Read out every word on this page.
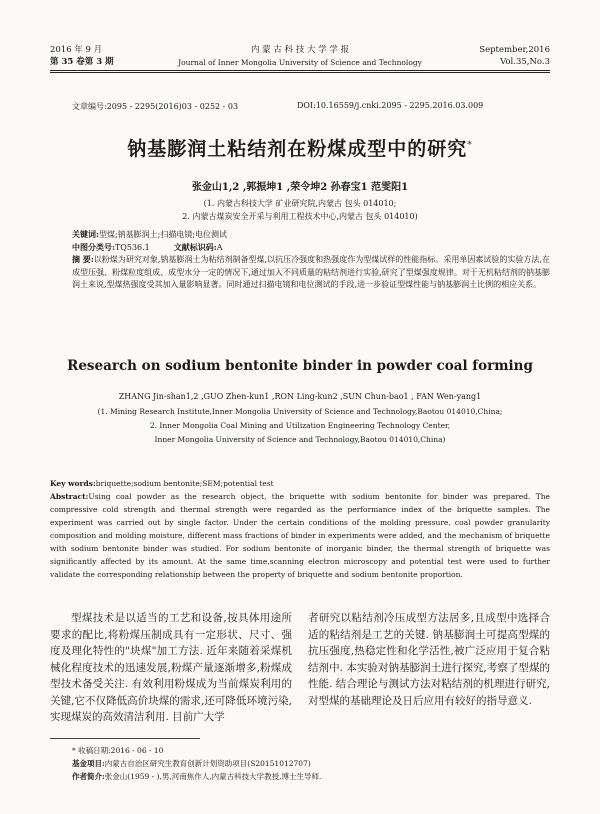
2016 年 9 月
第 35 卷第 3 期
内 蒙 古 科 技 大 学 学 报
Journal of Inner Mongolia University of Science and Technology
September,2016
Vol.35,No.3
文章编号:2095 - 2295(2016)03 - 0252 - 03	DOI:10.16559/j.cnki.2095 - 2295.2016.03.009
钠基膨润土粘结剂在粉煤成型中的研究*
张金山1,2 ,郭振坤1 ,荣令坤2 孙春宝1 范雯阳1
(1. 内蒙古科技大学 矿业研究院,内蒙古 包头 014010;
2. 内蒙古煤炭安全开采与利用工程技术中心,内蒙古 包头 014010)
关键词:型煤;钠基膨润土;扫描电镜;电位测试
中图分类号:TQ536.1	文献标识码:A
摘 要:以粉煤为研究对象,钠基膨润土为粘结剂制备型煤,以抗压冷强度和热强度作为型煤试样的性能指标。采用单因素试验的实验方法,在成型压强、粉煤粒度组成、成型水分一定的情况下,通过加入不同质量的粘结剂进行实验,研究了型煤强度规律。对于无机粘结剂的钠基膨润土来说,型煤热强度受其加入量影响显著。同时通过扫描电镜和电位测试的手段,进一步验证型煤性能与钠基膨润土比例的相应关系。
Research on sodium bentonite binder in powder coal forming
ZHANG Jin-shan1,2 ,GUO Zhen-kun1 ,RON Ling-kun2 ,SUN Chun-bao1 , FAN Wen-yang1
(1. Mining Research Institute,Inner Mongolia University of Science and Technology,Baotou 014010,China;
2. Inner Mongolia Coal Mining and Utilization Engineering Technology Center,
Inner Mongolia University of Science and Technology,Baotou 014010,China)
Key words:briquette;sodium bentonite;SEM;potential test
Abstract:Using coal powder as the research object, the briquette with sodium bentonite for binder was prepared. The compressive cold strength and thermal strength were regarded as the performance index of the briquette samples. The experiment was carried out by single factor. Under the certain conditions of the molding pressure, coal powder granularity composition and molding moisture, different mass fractions of binder in experiments were added, and the mechanism of briquette with sodium bentonite binder was studied. For sodium bentonite of inorganic binder, the thermal strength of briquette was significantly affected by its amount. At the same time,scanning electron microscopy and potential test were used to further validate the corresponding relationship between the property of briquette and sodium bentonite proportion.

型煤技术是以适当的工艺和设备,按具体用途所要求的配比,将粉煤压制成具有一定形状、尺寸、强度及理化特性的"块煤"加工方法. 近年来随着采煤机械化程度技术的迅速发展,粉煤产量逐渐增多,粉煤成型技术备受关注. 有效利用粉煤成为当前煤炭利用的关键,它不仅降低高价块煤的需求,还可降低环境污染,实现煤炭的高效清洁利用. 目前广大学

者研究以粘结剂冷压成型方法居多,且成型中选择合适的粘结剂是工艺的关键. 钠基膨润土可提高型煤的抗压强度,热稳定性和化学活性,被广泛应用于复合粘结剂中. 本实验对钠基膨润土进行探究,考察了型煤的性能. 结合理论与测试方法对粘结剂的机理进行研究,对型煤的基础理论及日后应用有较好的指导意义.

* 收稿日期:2016 - 06 - 10
基金项目:内蒙古自治区研究生教育创新计划资助项目(S20151012707)
作者简介:张金山(1959 - ),男,河南焦作人,内蒙古科技大学教授,博士生导师.
